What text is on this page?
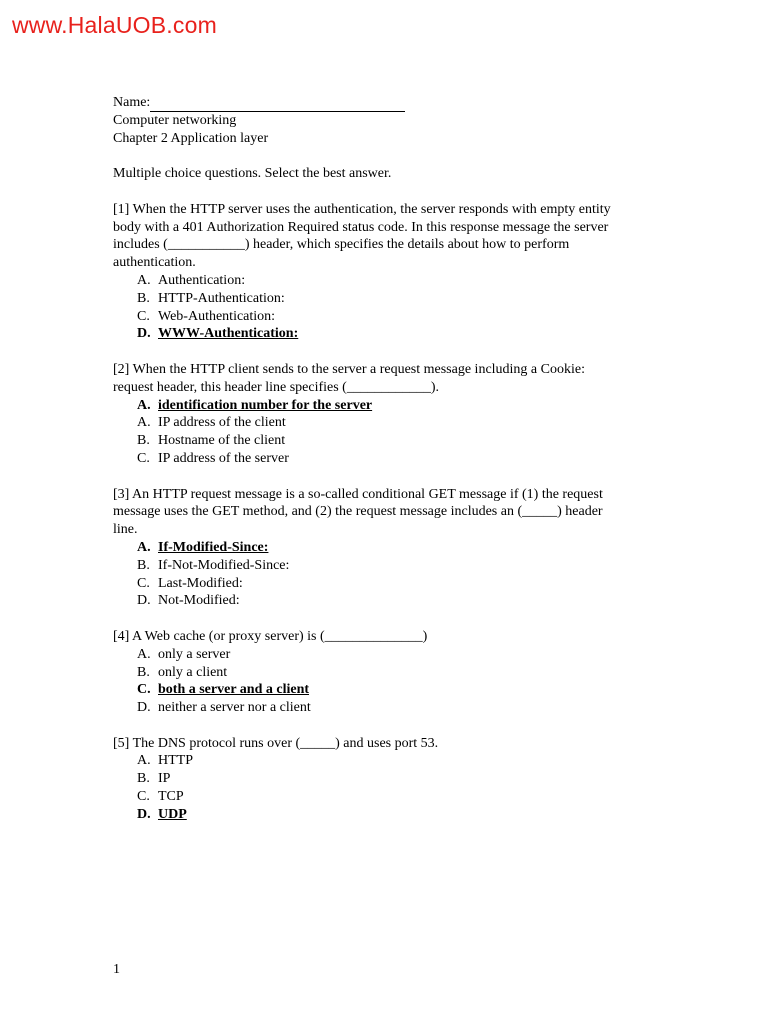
www.HalaUOB.com
Name:
Computer networking
Chapter 2 Application layer
Multiple choice questions. Select the best answer.
[1] When the HTTP server uses the authentication, the server responds with empty entity
body with a 401 Authorization Required status code. In this response message the server
includes (___________) header, which specifies the details about how to perform
authentication.
A. Authentication:
B. HTTP-Authentication:
C. Web-Authentication:
D. WWW-Authentication:
[2] When the HTTP client sends to the server a request message including a Cookie:
request header, this header line specifies (____________).
A. identification number for the server
A. IP address of the client
B. Hostname of the client
C. IP address of the server
[3] An HTTP request message is a so-called conditional GET message if (1) the request
message uses the GET method, and (2) the request message includes an (_____) header
line.
A. If-Modified-Since:
B. If-Not-Modified-Since:
C. Last-Modified:
D. Not-Modified:
[4] A Web cache (or proxy server) is (______________)
A. only a server
B. only a client
C. both a server and a client
D. neither a server nor a client
[5] The DNS protocol runs over (_____) and uses port 53.
A. HTTP
B. IP
C. TCP
D. UDP
1
